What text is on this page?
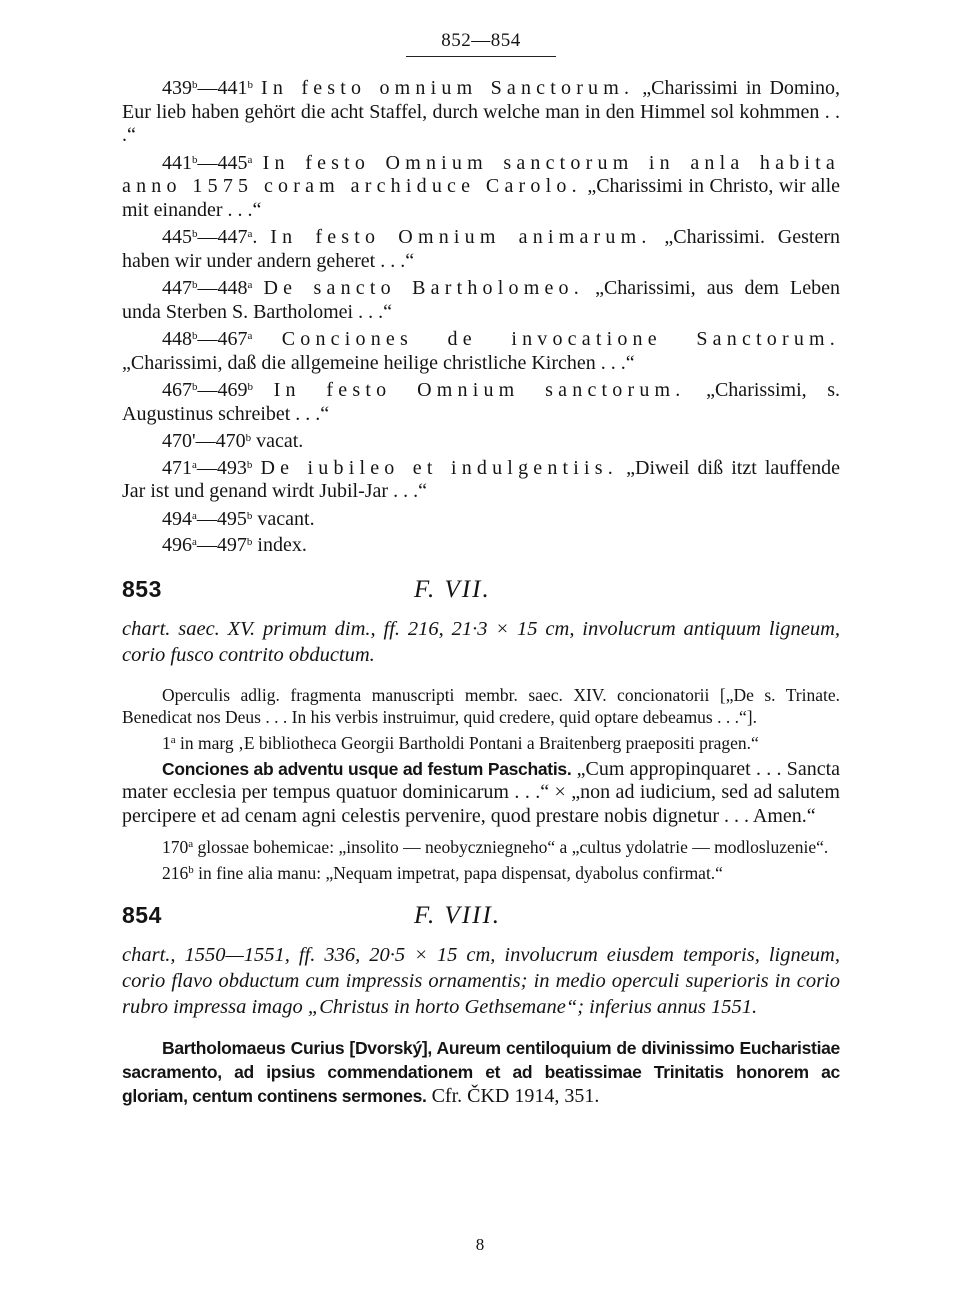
852—854

439$^b$—441$^b$ In festo omnium Sanctorum. „Charissimi in Domino, Eur lieb haben gehört die acht Staffel, durch welche man in den Himmel sol kohmmen . . .“

441$^b$—445$^a$ In festo Omnium sanctorum in anla habita anno 1575 coram archiduce Carolo. „Charissimi in Christo, wir alle mit einander . . .“

445$^b$—447$^a$. In festo Omnium animarum. „Charissimi. Gestern haben wir under andern geheret . . .“

447$^b$—448$^a$ De sancto Bartholomeo. „Charissimi, aus dem Leben unda Sterben S. Bartholomei . . .“

448$^b$—467$^a$ Conciones de invocatione Sanctorum. „Charissimi, daß die allgemeine heilige christliche Kirchen . . .“

467$^b$—469$^b$ In festo Omnium sanctorum. „Charissimi, s. Augustinus schreibet . . .“

470'—470$^b$ vacat.

471$^a$—493$^b$ De iubileo et indulgentiis. „Diweil diß itzt lauffende Jar ist und genand wirdt Jubil-Jar . . .“

494$^a$—495$^b$ vacant.

496$^a$—497$^b$ index.

853	F. VII.

chart. saec. XV. primum dim., ff. 216, 21·3 × 15 cm, involucrum antiquum ligneum, corio fusco contrito obductum.

Operculis adlig. fragmenta manuscripti membr. saec. XIV. concionatorii [„De s. Trinate. Benedicat nos Deus . . . In his verbis instruimur, quid credere, quid optare debeamus . . .“].

1$^a$ in marg ‚E bibliotheca Georgii Bartholdi Pontani a Braitenberg praepositi pragen.“

Conciones ab adventu usque ad festum Paschatis. „Cum appropinquaret . . . Sancta mater ecclesia per tempus quatuor dominicarum . . .“ × „non ad iudicium, sed ad salutem percipere et ad cenam agni celestis pervenire, quod prestare nobis dignetur . . . Amen.“

170$^a$ glossae bohemicae: „insolito — neobyczniegneho“ a „cultus ydolatrie — modlosluzenie“.

216$^b$ in fine alia manu: „Nequam impetrat, papa dispensat, dyabolus confirmat.“

854	F. VIII.

chart., 1550—1551, ff. 336, 20·5 × 15 cm, involucrum eiusdem temporis, ligneum, corio flavo obductum cum impressis ornamentis; in medio operculi superioris in corio rubro impressa imago „Christus in horto Gethsemane“; inferius annus 1551.

Bartholomaeus Curius [Dvorský], Aureum centiloquium de divinissimo Eucharistiae sacramento, ad ipsius commendationem et ad beatissimae Trinitatis honorem ac gloriam, centum continens sermones. Cfr. ČKD 1914, 351.

8
